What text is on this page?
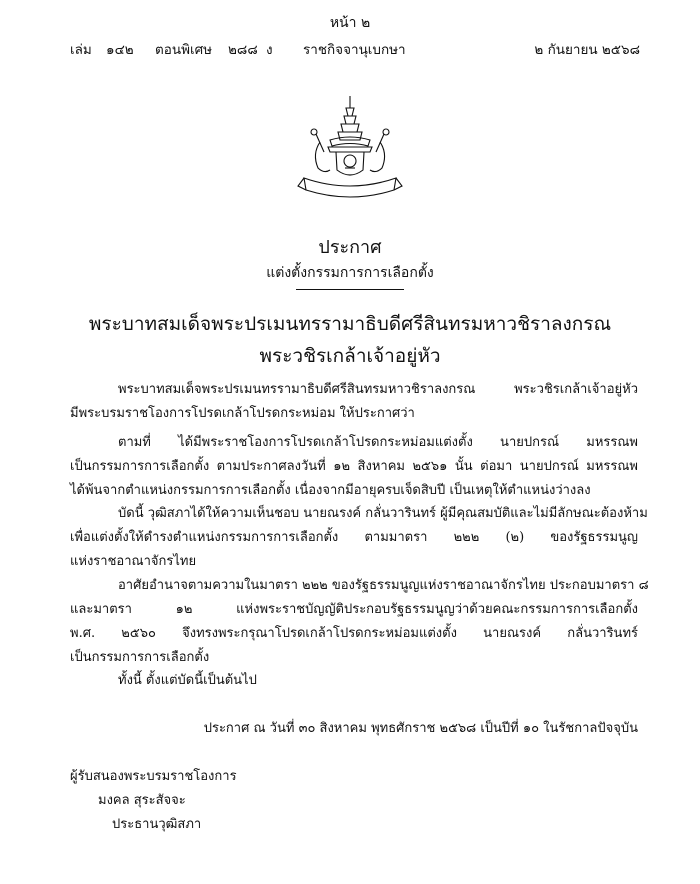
หน้า ๒
เล่ม ๑๔๒ ตอนพิเศษ ๒๘๘ ง ราชกิจจานุเบกษา	๒ กันยายน ๒๕๖๘
ประกาศ
แต่งตั้งกรรมการการเลือกตั้ง
พระบาทสมเด็จพระปรเมนทรรามาธิบดีศรีสินทรมหาวชิราลงกรณ
พระวชิรเกล้าเจ้าอยู่หัว
พระบาทสมเด็จพระปรเมนทรรามาธิบดีศรีสินทรมหาวชิราลงกรณ พระวชิรเกล้าเจ้าอยู่หัว
มีพระบรมราชโองการโปรดเกล้าโปรดกระหม่อม ให้ประกาศว่า
ตามที่ ได้มีพระราชโองการโปรดเกล้าโปรดกระหม่อมแต่งตั้ง นายปกรณ์ มหรรณพ
เป็นกรรมการการเลือกตั้ง ตามประกาศลงวันที่ ๑๒ สิงหาคม ๒๕๖๑ นั้น ต่อมา นายปกรณ์ มหรรณพ
ได้พ้นจากตำแหน่งกรรมการการเลือกตั้ง เนื่องจากมีอายุครบเจ็ดสิบปี เป็นเหตุให้ตำแหน่งว่างลง
บัดนี้ วุฒิสภาได้ให้ความเห็นชอบ นายณรงค์ กลั่นวารินทร์ ผู้มีคุณสมบัติและไม่มีลักษณะต้องห้าม
เพื่อแต่งตั้งให้ดำรงตำแหน่งกรรมการการเลือกตั้ง ตามมาตรา ๒๒๒ (๒) ของรัฐธรรมนูญ
แห่งราชอาณาจักรไทย
อาศัยอำนาจตามความในมาตรา ๒๒๒ ของรัฐธรรมนูญแห่งราชอาณาจักรไทย ประกอบมาตรา ๘
และมาตรา ๑๒ แห่งพระราชบัญญัติประกอบรัฐธรรมนูญว่าด้วยคณะกรรมการการเลือกตั้ง
พ.ศ. ๒๕๖๐ จึงทรงพระกรุณาโปรดเกล้าโปรดกระหม่อมแต่งตั้ง นายณรงค์ กลั่นวารินทร์
เป็นกรรมการการเลือกตั้ง
ทั้งนี้ ตั้งแต่บัดนี้เป็นต้นไป
ประกาศ ณ วันที่ ๓๐ สิงหาคม พุทธศักราช ๒๕๖๘ เป็นปีที่ ๑๐ ในรัชกาลปัจจุบัน
ผู้รับสนองพระบรมราชโองการ
มงคล สุระสัจจะ
ประธานวุฒิสภา
